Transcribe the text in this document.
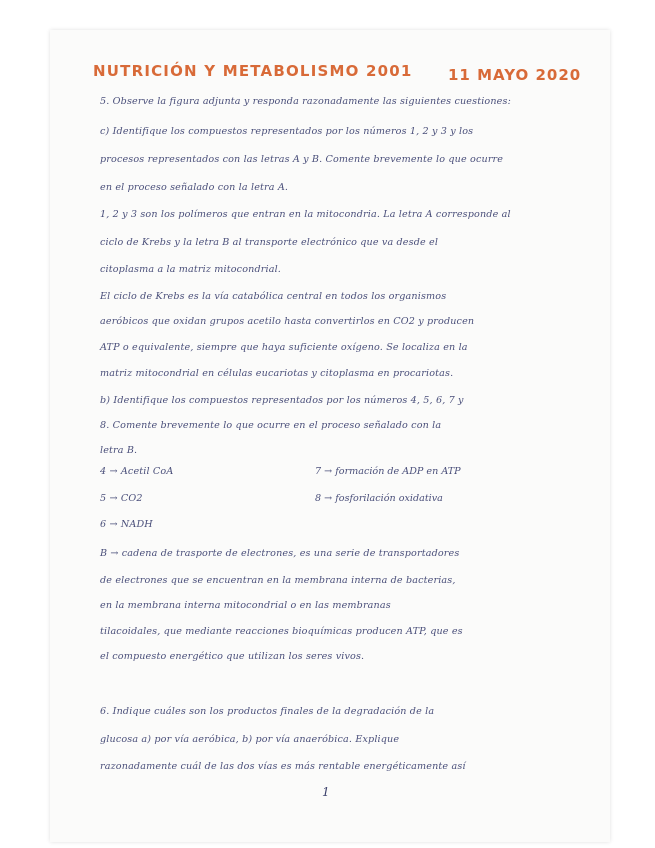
NUTRICIÓN Y METABOLISMO 2001 11 MAYO 2020
5. Observe la figura adjunta y responda razonadamente las siguientes cuestiones:
c) Identifique los compuestos representados por los números 1, 2 y 3 y los
procesos representados con las letras A y B. Comente brevemente lo que ocurre
en el proceso señalado con la letra A.
1, 2 y 3 son los polímeros que entran en la mitocondria. La letra A corresponde al
ciclo de Krebs y la letra B al transporte electrónico que va desde el
citoplasma a la matriz mitocondrial.
El ciclo de Krebs es la vía catabólica central en todos los organismos
aeróbicos que oxidan grupos acetilo hasta convertirlos en CO2 y producen
ATP o equivalente, siempre que haya suficiente oxígeno. Se localiza en la
matriz mitocondrial en células eucariotas y citoplasma en procariotas.
b) Identifique los compuestos representados por los números 4, 5, 6, 7 y
8. Comente brevemente lo que ocurre en el proceso señalado con la
letra B.
4 → Acetil CoA
5 → CO2
6 → NADH
7 → formación de ADP en ATP
8 → fosforilación oxidativa
B → cadena de trasporte de electrones, es una serie de transportadores
de electrones que se encuentran en la membrana interna de bacterias,
en la membrana interna mitocondrial o en las membranas
tilacoidales, que mediante reacciones bioquímicas producen ATP, que es
el compuesto energético que utilizan los seres vivos.
6. Indique cuáles son los productos finales de la degradación de la
glucosa a) por vía aeróbica, b) por vía anaeróbica. Explique
razonadamente cuál de las dos vías es más rentable energéticamente así
1
